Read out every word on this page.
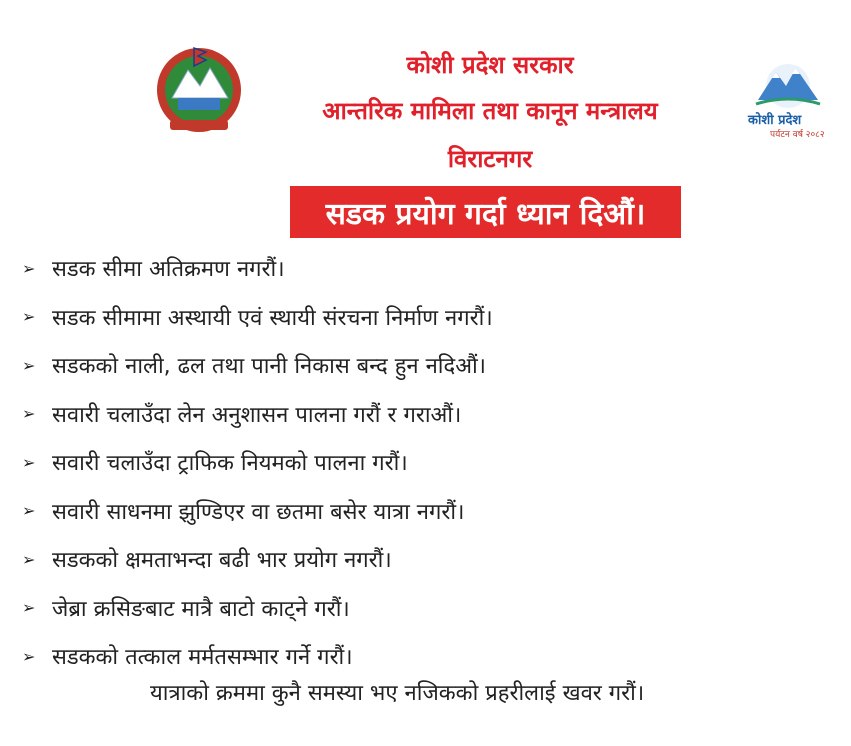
कोशी प्रदेश
पर्यटन वर्ष २०८२
कोशी प्रदेश सरकार
आन्तरिक मामिला तथा कानून मन्त्रालय
विराटनगर
सडक प्रयोग गर्दा ध्यान दिऔं।
➢ सडक सीमा अतिक्रमण नगरौं।
➢ सडक सीमामा अस्थायी एवं स्थायी संरचना निर्माण नगरौं।
➢ सडकको नाली, ढल तथा पानी निकास बन्द हुन नदिऔं।
➢ सवारी चलाउँदा लेन अनुशासन पालना गरौं र गराऔं।
➢ सवारी चलाउँदा ट्राफिक नियमको पालना गरौं।
➢ सवारी साधनमा झुण्डिएर वा छतमा बसेर यात्रा नगरौं।
➢ सडकको क्षमताभन्दा बढी भार प्रयोग नगरौं।
➢ जेब्रा क्रसिङबाट मात्रै बाटो काट्ने गरौं।
➢ सडकको तत्काल मर्मतसम्भार गर्ने गरौं।
यात्राको क्रममा कुनै समस्या भए नजिकको प्रहरीलाई खवर गरौं।
